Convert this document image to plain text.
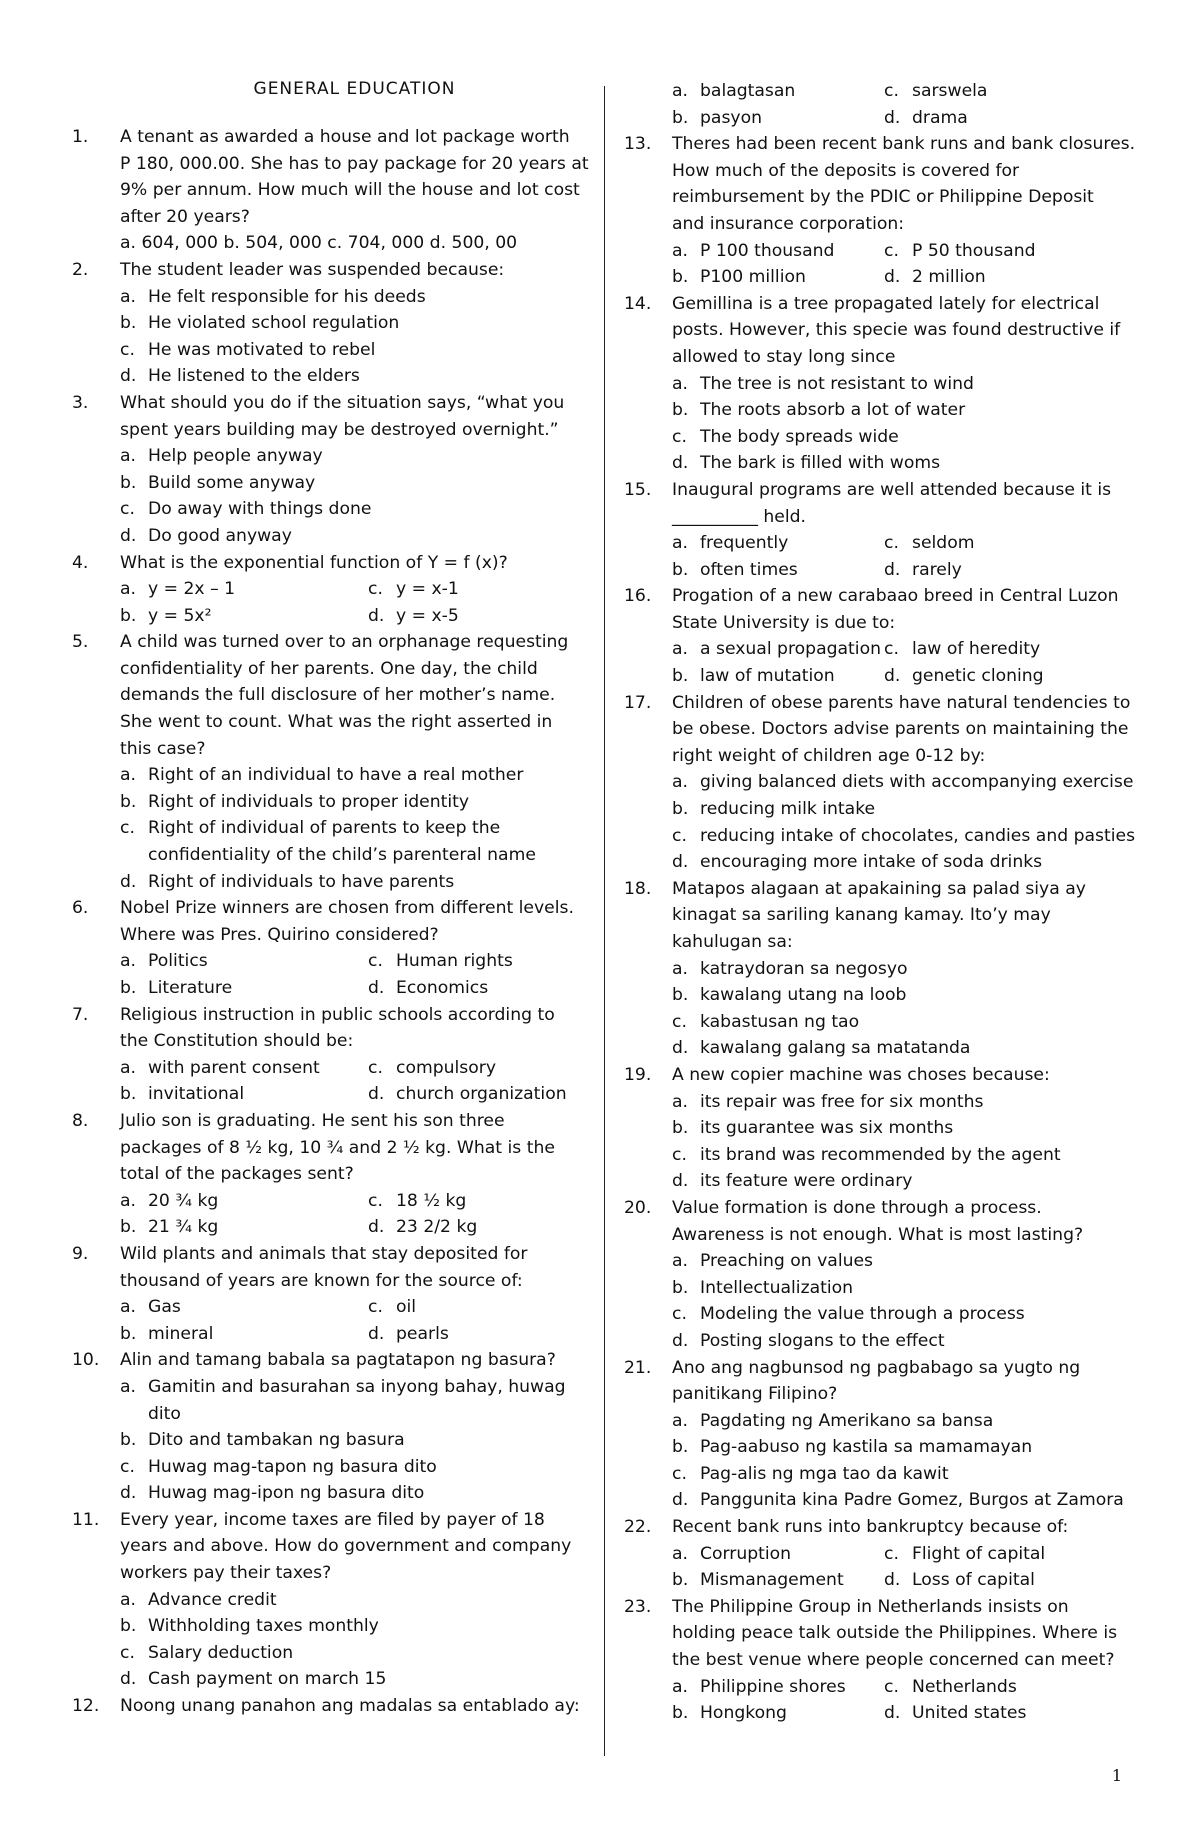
GENERAL EDUCATION
1.	A tenant as awarded a house and lot package worth
P 180, 000.00. She has to pay package for 20 years at
9% per annum. How much will the house and lot cost
after 20 years?
a. 604, 000 b. 504, 000 c. 704, 000 d. 500, 00
2.	The student leader was suspended because:
a. He felt responsible for his deeds
b. He violated school regulation
c. He was motivated to rebel
d. He listened to the elders
3.	What should you do if the situation says, “what you
spent years building may be destroyed overnight.”
a. Help people anyway
b. Build some anyway
c. Do away with things done
d. Do good anyway
4.	What is the exponential function of Y = f (x)?
a. y = 2x – 1	c. y = x-1
b. y = 5x²	d. y = x-5
5.	A child was turned over to an orphanage requesting
confidentiality of her parents. One day, the child
demands the full disclosure of her mother’s name.
She went to count. What was the right asserted in
this case?
a. Right of an individual to have a real mother
b. Right of individuals to proper identity
c. Right of individual of parents to keep the
confidentiality of the child’s parenteral name
d. Right of individuals to have parents
6.	Nobel Prize winners are chosen from different levels.
Where was Pres. Quirino considered?
a. Politics	c. Human rights
b. Literature	d. Economics
7.	Religious instruction in public schools according to
the Constitution should be:
a. with parent consent	c. compulsory
b. invitational	d. church organization
8.	Julio son is graduating. He sent his son three
packages of 8 ½ kg, 10 ¾ and 2 ½ kg. What is the
total of the packages sent?
a. 20 ¾ kg	c. 18 ½ kg
b. 21 ¾ kg	d. 23 2/2 kg
9.	Wild plants and animals that stay deposited for
thousand of years are known for the source of:
a. Gas	c. oil
b. mineral	d. pearls
10.	Alin and tamang babala sa pagtatapon ng basura?
a. Gamitin and basurahan sa inyong bahay, huwag
dito
b. Dito and tambakan ng basura
c. Huwag mag-tapon ng basura dito
d. Huwag mag-ipon ng basura dito
11.	Every year, income taxes are filed by payer of 18
years and above. How do government and company
workers pay their taxes?
a. Advance credit
b. Withholding taxes monthly
c. Salary deduction
d. Cash payment on march 15
12.	Noong unang panahon ang madalas sa entablado ay:
a. balagtasan	c. sarswela
b. pasyon	d. drama
13.	Theres had been recent bank runs and bank closures.
How much of the deposits is covered for
reimbursement by the PDIC or Philippine Deposit
and insurance corporation:
a. P 100 thousand	c. P 50 thousand
b. P100 million	d. 2 million
14.	Gemillina is a tree propagated lately for electrical
posts. However, this specie was found destructive if
allowed to stay long since
a. The tree is not resistant to wind
b. The roots absorb a lot of water
c. The body spreads wide
d. The bark is filled with woms
15.	Inaugural programs are well attended because it is
__________ held.
a. frequently	c. seldom
b. often times	d. rarely
16.	Progation of a new carabaao breed in Central Luzon
State University is due to:
a. a sexual propagation c. law of heredity
b. law of mutation	d. genetic cloning
17.	Children of obese parents have natural tendencies to
be obese. Doctors advise parents on maintaining the
right weight of children age 0-12 by:
a. giving balanced diets with accompanying exercise
b. reducing milk intake
c. reducing intake of chocolates, candies and pasties
d. encouraging more intake of soda drinks
18.	Matapos alagaan at apakaining sa palad siya ay
kinagat sa sariling kanang kamay. Ito’y may
kahulugan sa:
a. katraydoran sa negosyo
b. kawalang utang na loob
c. kabastusan ng tao
d. kawalang galang sa matatanda
19.	A new copier machine was choses because:
a. its repair was free for six months
b. its guarantee was six months
c. its brand was recommended by the agent
d. its feature were ordinary
20.	Value formation is done through a process.
Awareness is not enough. What is most lasting?
a. Preaching on values
b. Intellectualization
c. Modeling the value through a process
d. Posting slogans to the effect
21.	Ano ang nagbunsod ng pagbabago sa yugto ng
panitikang Filipino?
a. Pagdating ng Amerikano sa bansa
b. Pag-aabuso ng kastila sa mamamayan
c. Pag-alis ng mga tao da kawit
d. Panggunita kina Padre Gomez, Burgos at Zamora
22.	Recent bank runs into bankruptcy because of:
a. Corruption	c. Flight of capital
b. Mismanagement d. Loss of capital
23.	The Philippine Group in Netherlands insists on
holding peace talk outside the Philippines. Where is
the best venue where people concerned can meet?
a. Philippine shores c. Netherlands
b. Hongkong	d. United states
1
